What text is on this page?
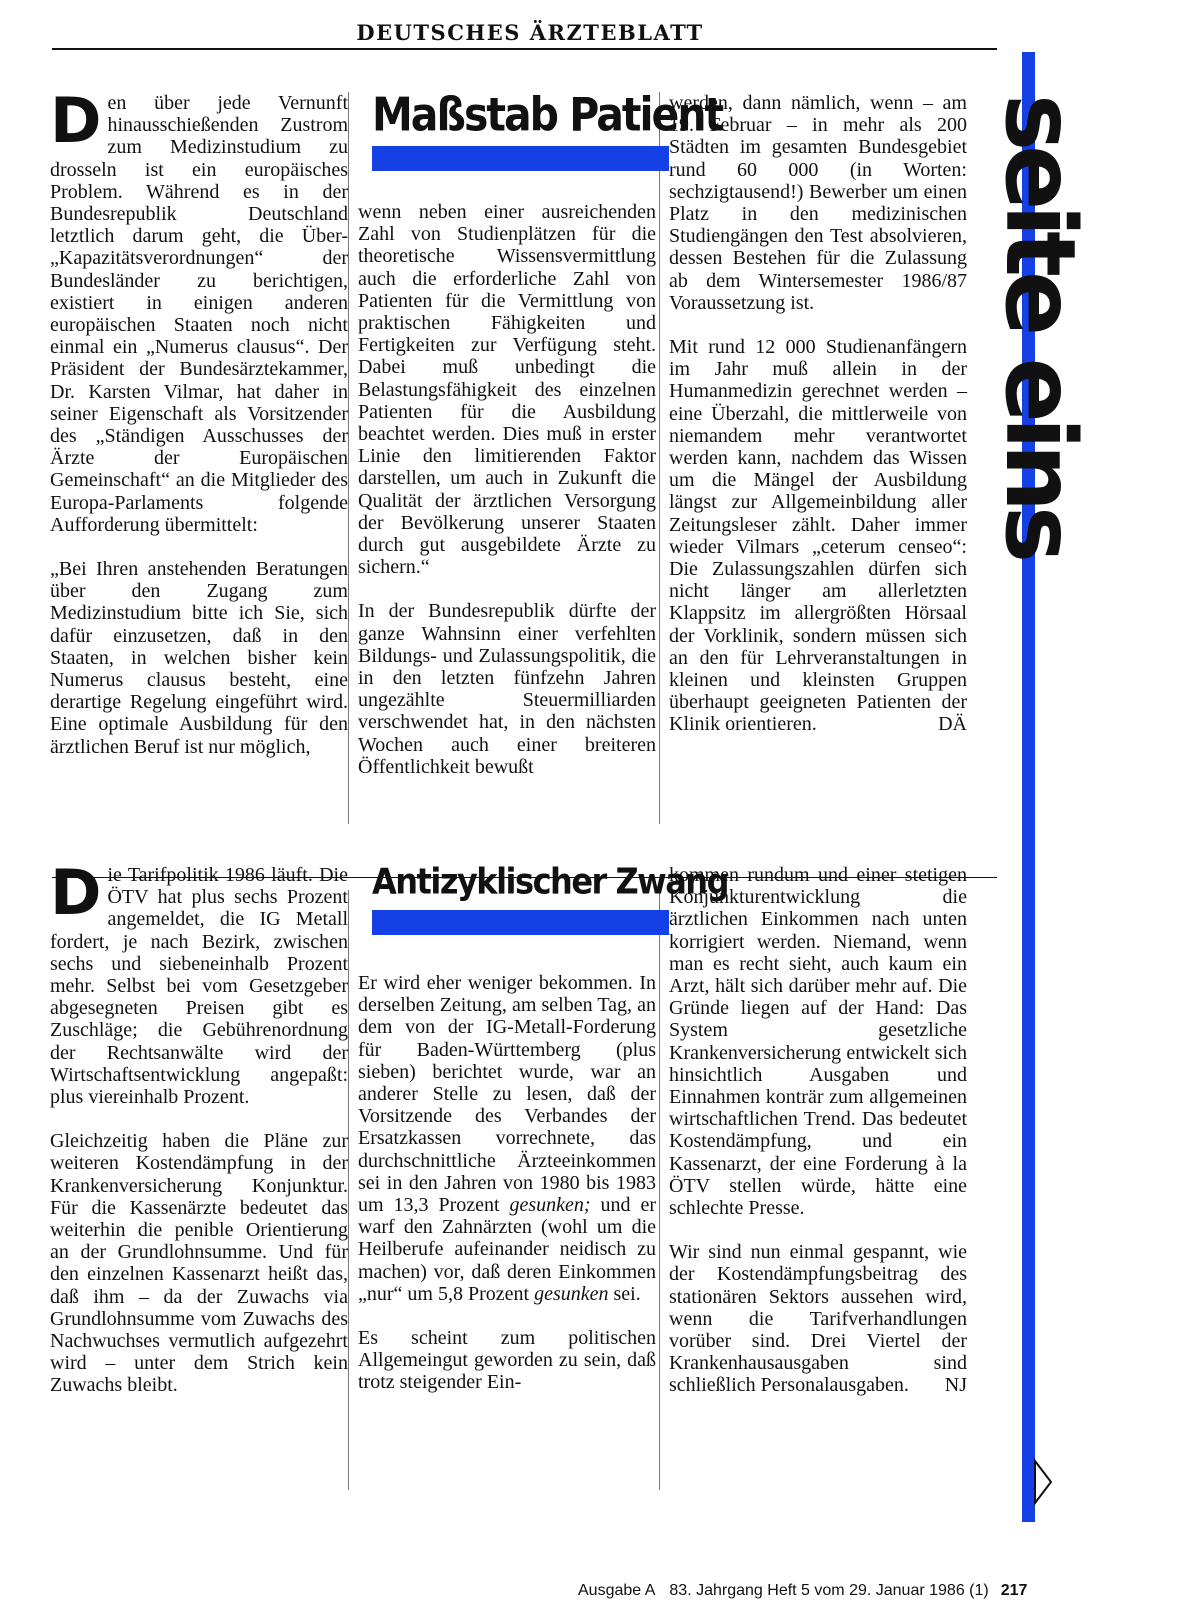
DEUTSCHES ÄRZTEBLATT
seite eins

Den über jede Vernunft hinausschießenden Zustrom zum Medizinstudium zu drosseln ist ein europäisches Problem. Während es in der Bundesrepublik Deutschland letztlich darum geht, die Über-„Kapazitätsverordnungen“ der Bundesländer zu berichtigen, existiert in einigen anderen europäischen Staaten noch nicht einmal ein „Numerus clausus“. Der Präsident der Bundesärztekammer, Dr. Karsten Vilmar, hat daher in seiner Eigenschaft als Vorsitzender des „Ständigen Ausschusses der Ärzte der Europäischen Gemeinschaft“ an die Mitglieder des Europa-Parlaments folgende Aufforderung übermittelt:

„Bei Ihren anstehenden Beratungen über den Zugang zum Medizinstudium bitte ich Sie, sich dafür einzusetzen, daß in den Staaten, in welchen bisher kein Numerus clausus besteht, eine derartige Regelung eingeführt wird. Eine optimale Ausbildung für den ärztlichen Beruf ist nur möglich,

Maßstab Patient

wenn neben einer ausreichenden Zahl von Studienplätzen für die theoretische Wissensvermittlung auch die erforderliche Zahl von Patienten für die Vermittlung von praktischen Fähigkeiten und Fertigkeiten zur Verfügung steht. Dabei muß unbedingt die Belastungsfähigkeit des einzelnen Patienten für die Ausbildung beachtet werden. Dies muß in erster Linie den limitierenden Faktor darstellen, um auch in Zukunft die Qualität der ärztlichen Versorgung der Bevölkerung unserer Staaten durch gut ausgebildete Ärzte zu sichern.“

In der Bundesrepublik dürfte der ganze Wahnsinn einer verfehlten Bildungs- und Zulassungspolitik, die in den letzten fünfzehn Jahren ungezählte Steuermilliarden verschwendet hat, in den nächsten Wochen auch einer breiteren Öffentlichkeit bewußt

werden, dann nämlich, wenn – am 19. Februar – in mehr als 200 Städten im gesamten Bundesgebiet rund 60 000 (in Worten: sechzigtausend!) Bewerber um einen Platz in den medizinischen Studiengängen den Test absolvieren, dessen Bestehen für die Zulassung ab dem Wintersemester 1986/87 Voraussetzung ist.

Mit rund 12 000 Studienanfängern im Jahr muß allein in der Humanmedizin gerechnet werden – eine Überzahl, die mittlerweile von niemandem mehr verantwortet werden kann, nachdem das Wissen um die Mängel der Ausbildung längst zur Allgemeinbildung aller Zeitungsleser zählt. Daher immer wieder Vilmars „ceterum censeo“: Die Zulassungszahlen dürfen sich nicht länger am allerletzten Klappsitz im allergrößten Hörsaal der Vorklinik, sondern müssen sich an den für Lehrveranstaltungen in kleinen und kleinsten Gruppen überhaupt geeigneten Patienten der Klinik orientieren.	DÄ

Die Tarifpolitik 1986 läuft. Die ÖTV hat plus sechs Prozent angemeldet, die IG Metall fordert, je nach Bezirk, zwischen sechs und siebeneinhalb Prozent mehr. Selbst bei vom Gesetzgeber abgesegneten Preisen gibt es Zuschläge; die Gebührenordnung der Rechtsanwälte wird der Wirtschaftsentwicklung angepaßt: plus viereinhalb Prozent.

Gleichzeitig haben die Pläne zur weiteren Kostendämpfung in der Krankenversicherung Konjunktur. Für die Kassenärzte bedeutet das weiterhin die penible Orientierung an der Grundlohnsumme. Und für den einzelnen Kassenarzt heißt das, daß ihm – da der Zuwachs via Grundlohnsumme vom Zuwachs des Nachwuchses vermutlich aufgezehrt wird – unter dem Strich kein Zuwachs bleibt.

Antizyklischer Zwang

Er wird eher weniger bekommen. In derselben Zeitung, am selben Tag, an dem von der IG-Metall-Forderung für Baden-Württemberg (plus sieben) berichtet wurde, war an anderer Stelle zu lesen, daß der Vorsitzende des Verbandes der Ersatzkassen vorrechnete, das durchschnittliche Ärzteeinkommen sei in den Jahren von 1980 bis 1983 um 13,3 Prozent gesunken; und er warf den Zahnärzten (wohl um die Heilberufe aufeinander neidisch zu machen) vor, daß deren Einkommen „nur“ um 5,8 Prozent gesunken sei.

Es scheint zum politischen Allgemeingut geworden zu sein, daß trotz steigender Ein-

kommen rundum und einer stetigen Konjunkturentwicklung die ärztlichen Einkommen nach unten korrigiert werden. Niemand, wenn man es recht sieht, auch kaum ein Arzt, hält sich darüber mehr auf. Die Gründe liegen auf der Hand: Das System gesetzliche Krankenversicherung entwickelt sich hinsichtlich Ausgaben und Einnahmen konträr zum allgemeinen wirtschaftlichen Trend. Das bedeutet Kostendämpfung, und ein Kassenarzt, der eine Forderung à la ÖTV stellen würde, hätte eine schlechte Presse.

Wir sind nun einmal gespannt, wie der Kostendämpfungsbeitrag des stationären Sektors aussehen wird, wenn die Tarifverhandlungen vorüber sind. Drei Viertel der Krankenhausausgaben sind schließlich Personalausgaben. NJ

Ausgabe A 83. Jahrgang Heft 5 vom 29. Januar 1986 (1) 217
